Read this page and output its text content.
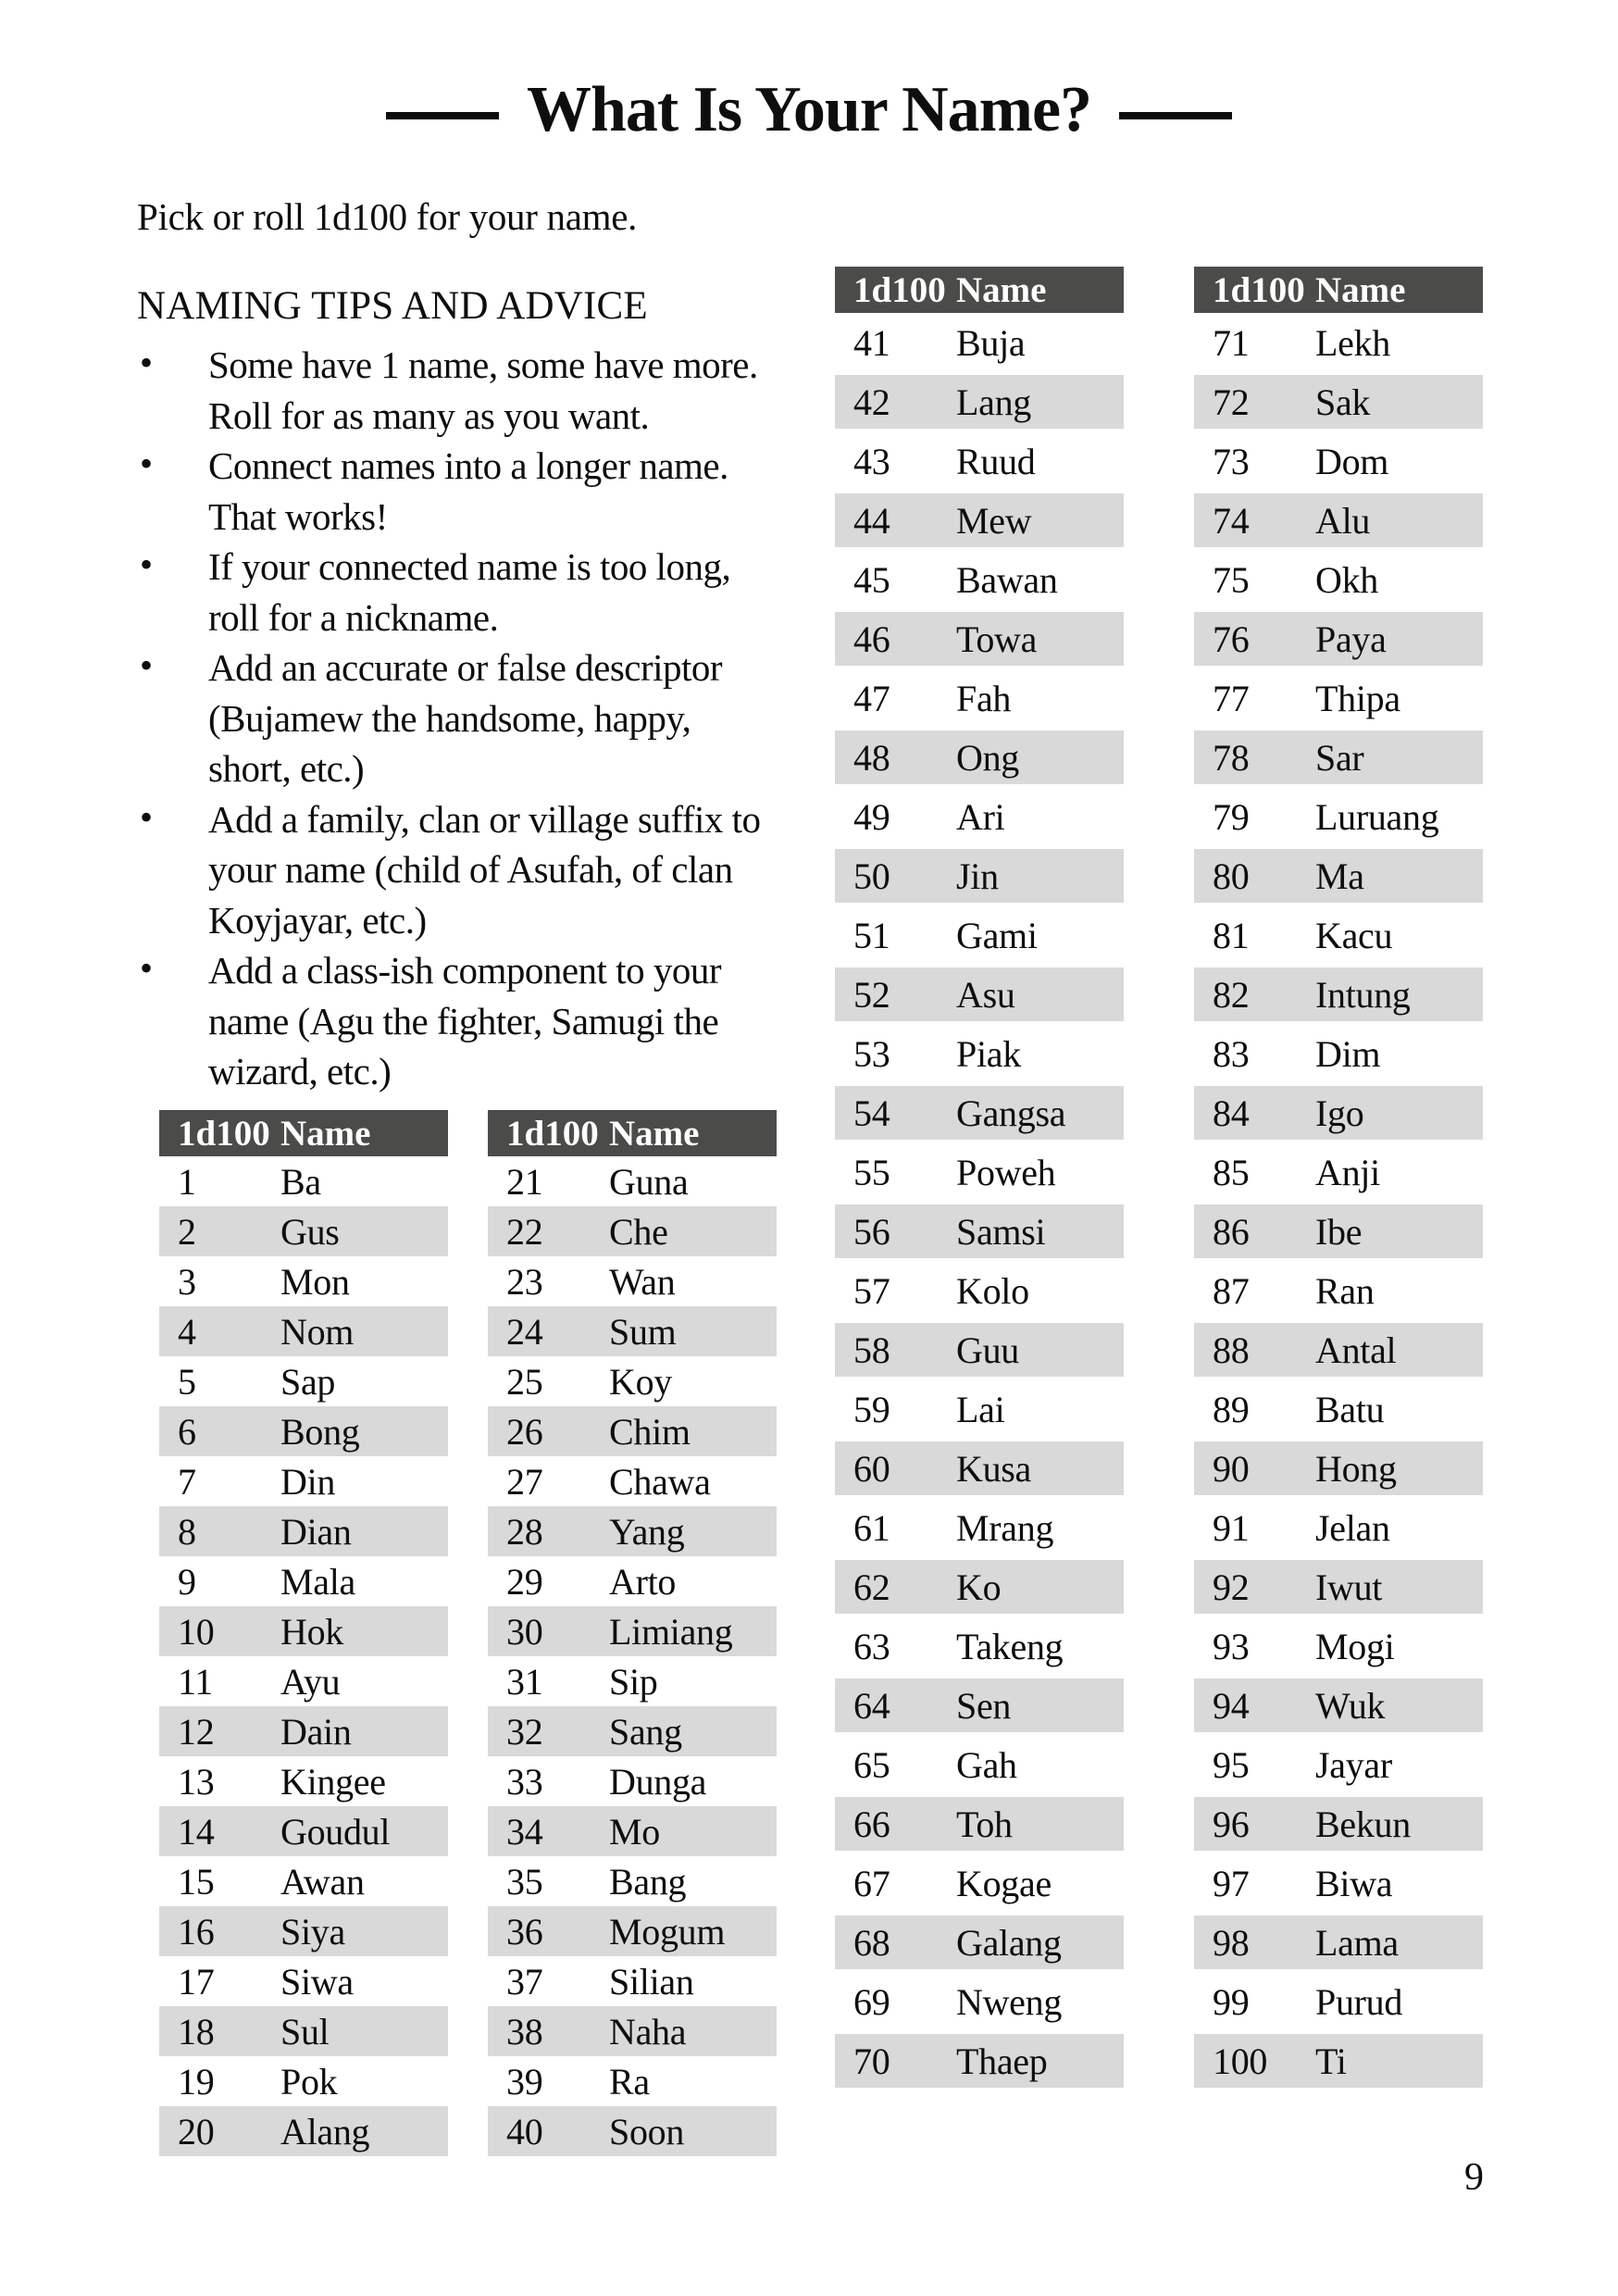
What Is Your Name?

Pick or roll 1d100 for your name.

NAMING TIPS AND ADVICE
• Some have 1 name, some have more.
Roll for as many as you want.
• Connect names into a longer name.
That works!
• If your connected name is too long,
roll for a nickname.
• Add an accurate or false descriptor
(Bujamew the handsome, happy,
short, etc.)
• Add a family, clan or village suffix to
your name (child of Asufah, of clan
Koyjayar, etc.)
• Add a class-ish component to your
name (Agu the fighter, Samugi the
wizard, etc.)
1d100 Name
1	Ba
2	Gus
3	Mon
4	Nom
5	Sap
6	Bong
7	Din
8	Dian
9	Mala
10	Hok
11	Ayu
12	Dain
13	Kingee
14	Goudul
15	Awan
16	Siya
17	Siwa
18	Sul
19	Pok
20	Alang
1d100 Name
21	Guna
22	Che
23	Wan
24	Sum
25	Koy
26	Chim
27	Chawa
28	Yang
29	Arto
30	Limiang
31	Sip
32	Sang
33	Dunga
34	Mo
35	Bang
36	Mogum
37	Silian
38	Naha
39	Ra
40	Soon
1d100 Name
41	Buja
42	Lang
43	Ruud
44	Mew
45	Bawan
46	Towa
47	Fah
48	Ong
49	Ari
50	Jin
51	Gami
52	Asu
53	Piak
54	Gangsa
55	Poweh
56	Samsi
57	Kolo
58	Guu
59	Lai
60	Kusa
61	Mrang
62	Ko
63	Takeng
64	Sen
65	Gah
66	Toh
67	Kogae
68	Galang
69	Nweng
70	Thaep
1d100 Name
71	Lekh
72	Sak
73	Dom
74	Alu
75	Okh
76	Paya
77	Thipa
78	Sar
79	Luruang
80	Ma
81	Kacu
82	Intung
83	Dim
84	Igo
85	Anji
86	Ibe
87	Ran
88	Antal
89	Batu
90	Hong
91	Jelan
92	Iwut
93	Mogi
94	Wuk
95	Jayar
96	Bekun
97	Biwa
98	Lama
99	Purud
100	Ti
9
